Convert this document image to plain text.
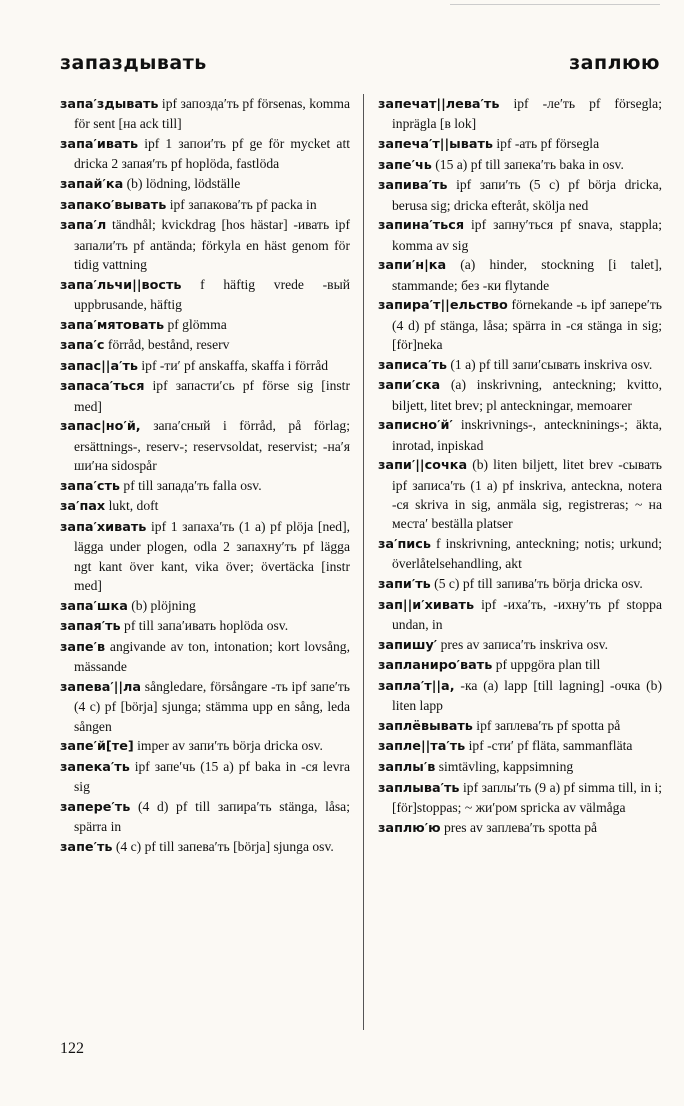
запаздывать	заплюю
запа′здывать ipf запозда′ть pf försenas, komma för sent [на ack till]
запа′ивать ipf 1 запои′ть pf ge för mycket att dricka 2 запая′ть pf hoplöda, fastlöda
запай′ка (b) lödning, lödställe
запако′вывать ipf запакова′ть pf packa in
запа′л tändhål; kvickdrag [hos hästar] -ивать ipf запали′ть pf antända; förkyla en häst genom för tidig vattning
запа′льчи||вость f häftig vrede -вый uppbrusande, häftig
запа′мятовать pf glömma
запа′с förråd, bestånd, reserv
запас||а′ть ipf -ти′ pf anskaffa, skaffa i förråd
запаса′ться ipf запасти′сь pf förse sig [instr med]
запас|но′й, запа′сный i förråd, på förlag; ersättnings-, reserv-; reservsoldat, reservist; -на′я ши′на sidospår
запа′сть pf till запада′ть falla osv.
за′пах lukt, doft
запа′хивать ipf 1 запаха′ть (1 a) pf plöja [ned], lägga under plogen, odla 2 запахну′ть pf lägga ngt kant över kant, vika över; övertäcka [instr med]
запа′шка (b) plöjning
запая′ть pf till запа′ивать hoplöda osv.
запе′в angivande av ton, intonation; kort lovsång, mässande
запева′||ла sångledare, försångare -ть ipf запе′ть (4 c) pf [börja] sjunga; stämma upp en sång, leda sången
запе′й[те] imper av запи′ть börja dricka osv.
запека′ть ipf запе′чь (15 a) pf baka in -ся levra sig
запере′ть (4 d) pf till запира′ть stänga, låsa; spärra in
запе′ть (4 c) pf till запева′ть [börja] sjunga osv.
запечат||лева′ть ipf -ле′ть pf försegla; inprägla [в lok]
запеча′т||ывать ipf -ать pf försegla
запе′чь (15 a) pf till запека′ть baka in osv.
запива′ть ipf запи′ть (5 c) pf börja dricka, berusa sig; dricka efteråt, skölja ned
запина′ться ipf запну′ться pf snava, stappla; komma av sig
запи′н|ка (a) hinder, stockning [i talet], stammande; без -ки flytande
запира′т||ельство förnekande -ь ipf запере′ть (4 d) pf stänga, låsa; spärra in -ся stänga in sig; [för]neka
записа′ть (1 a) pf till запи′сывать inskriva osv.
запи′ска (a) inskrivning, anteckning; kvitto, biljett, litet brev; pl anteckningar, memoarer
записно′й′ inskrivnings-, anteckninings-; äkta, inrotad, inpiskad
запи′||сочка (b) liten biljett, litet brev -сывать ipf записа′ть (1 a) pf inskriva, anteckna, notera -ся skriva in sig, anmäla sig, registreras; ~ на места′ beställa platser
за′пись f inskrivning, anteckning; notis; urkund; överlåtelsehandling, akt
запи′ть (5 c) pf till запива′ть börja dricka osv.
зап||и′хивать ipf -иха′ть, -ихну′ть pf stoppa undan, in
запишу′ pres av записа′ть inskriva osv.
запланиро′вать pf uppgöra plan till
запла′т||а, -ка (a) lapp [till lagning] -очка (b) liten lapp
заплёвывать ipf заплева′ть pf spotta på
запле||та′ть ipf -сти′ pf fläta, sammanfläta
заплы′в simtävling, kappsimning
заплыва′ть ipf заплы′ть (9 a) pf simma till, in i; [för]stoppas; ~ жи′ром spricka av välmåga
заплю′ю pres av заплева′ть spotta på
122
